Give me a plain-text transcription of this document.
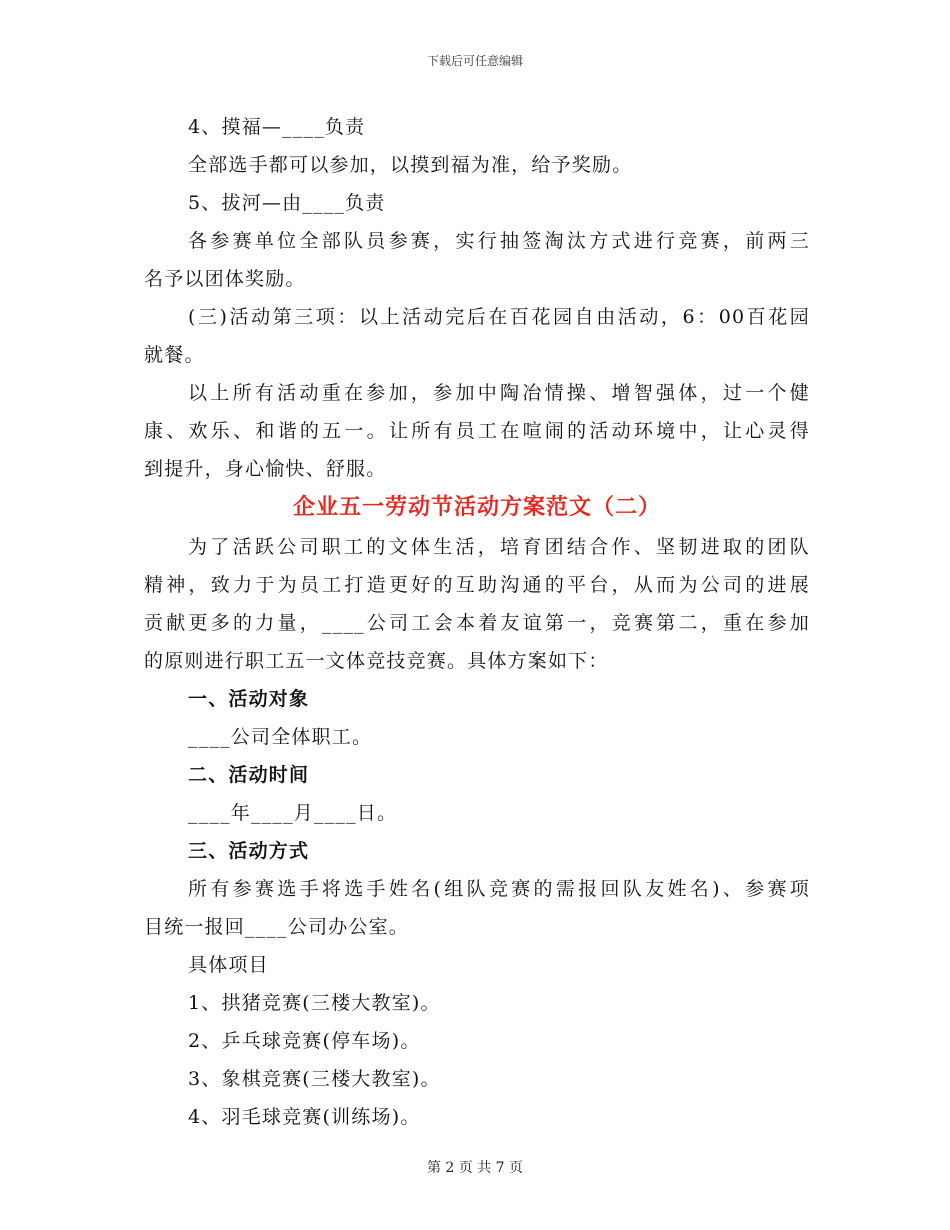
下载后可任意编辑
4、摸福—____负责
全部选手都可以参加，以摸到福为准，给予奖励。
5、拔河—由____负责
各参赛单位全部队员参赛，实行抽签淘汰方式进行竞赛，前两三
名予以团体奖励。
(三)活动第三项：以上活动完后在百花园自由活动，6：00百花园
就餐。
以上所有活动重在参加，参加中陶冶情操、增智强体，过一个健
康、欢乐、和谐的五一。让所有员工在喧闹的活动环境中，让心灵得
到提升，身心愉快、舒服。
企业五一劳动节活动方案范文（二）
为了活跃公司职工的文体生活，培育团结合作、坚韧进取的团队
精神，致力于为员工打造更好的互助沟通的平台，从而为公司的进展
贡献更多的力量，____公司工会本着友谊第一，竞赛第二，重在参加
的原则进行职工五一文体竞技竞赛。具体方案如下：
一、活动对象
____公司全体职工。
二、活动时间
____年____月____日。
三、活动方式
所有参赛选手将选手姓名(组队竞赛的需报回队友姓名)、参赛项
目统一报回____公司办公室。
具体项目
1、拱猪竞赛(三楼大教室)。
2、乒乓球竞赛(停车场)。
3、象棋竞赛(三楼大教室)。
4、羽毛球竞赛(训练场)。
第 2 页 共 7 页
